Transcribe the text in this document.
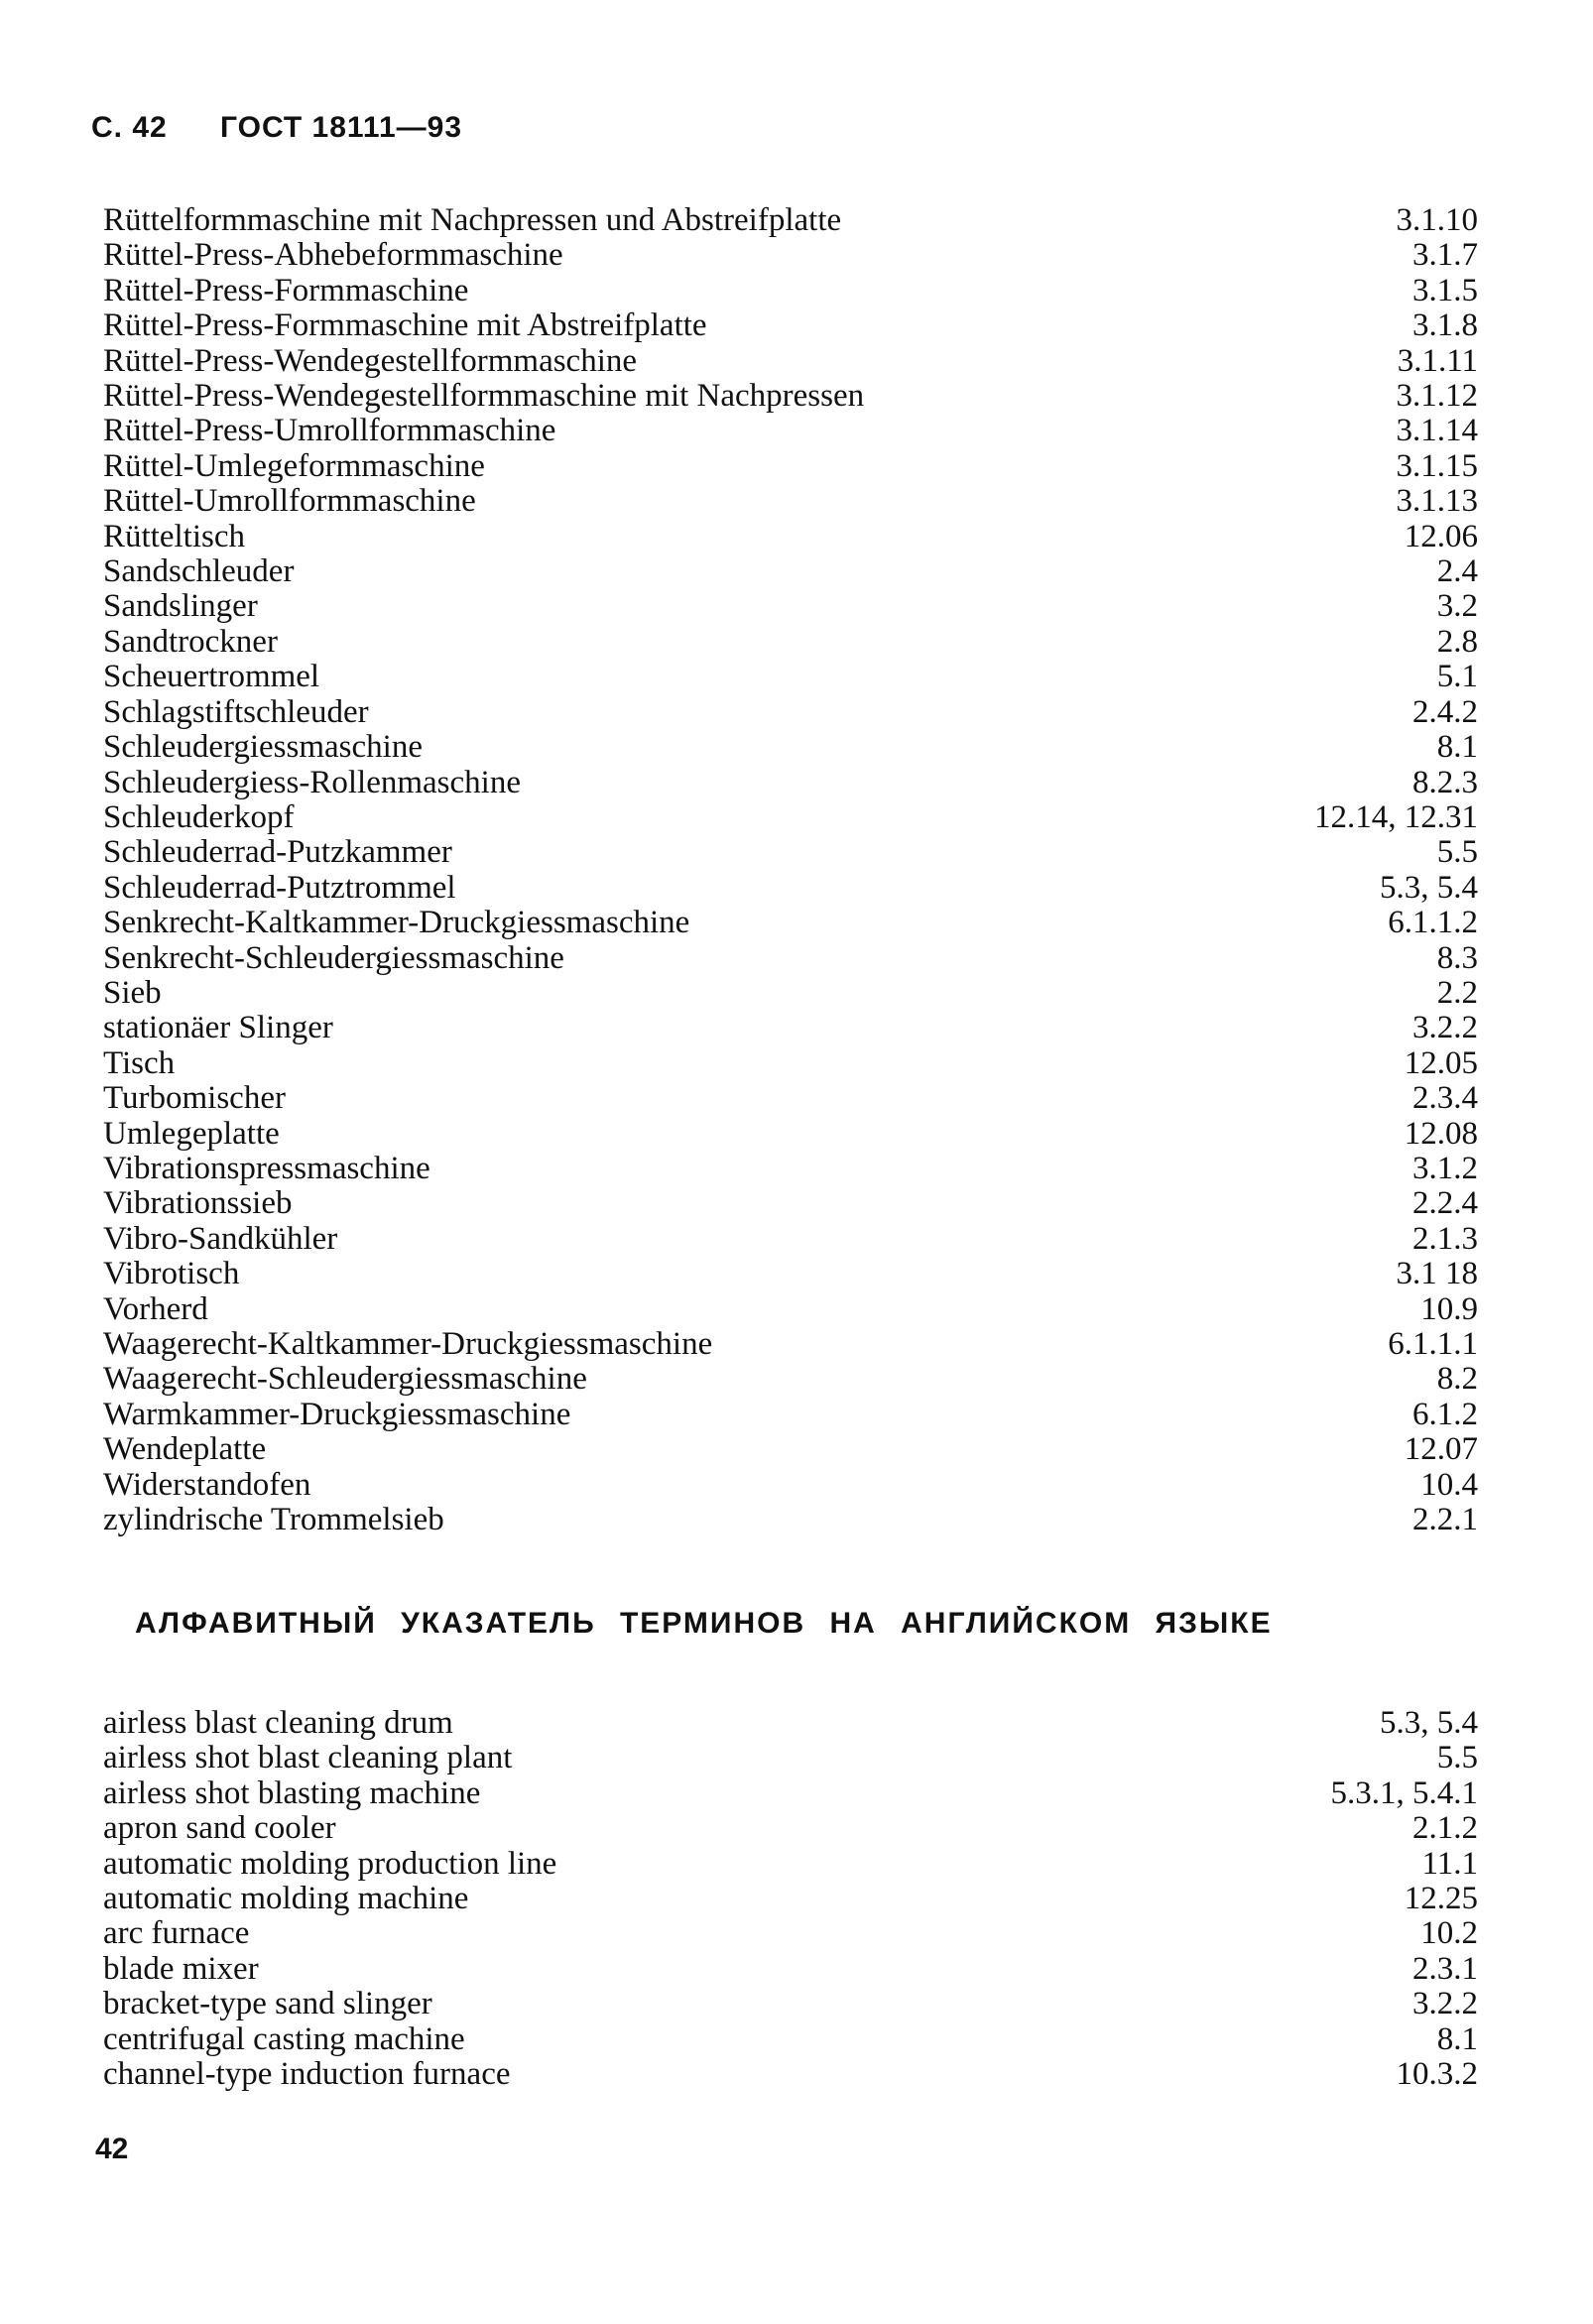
С. 42 ГОСТ 18111—93
Rüttelformmaschine mit Nachpressen und Abstreifplatte	3.1.10
Rüttel-Press-Abhebeformmaschine	3.1.7
Rüttel-Press-Formmaschine	3.1.5
Rüttel-Press-Formmaschine mit Abstreifplatte	3.1.8
Rüttel-Press-Wendegestellformmaschine	3.1.11
Rüttel-Press-Wendegestellformmaschine mit Nachpressen	3.1.12
Rüttel-Press-Umrollformmaschine	3.1.14
Rüttel-Umlegeformmaschine	3.1.15
Rüttel-Umrollformmaschine	3.1.13
Rütteltisch	12.06
Sandschleuder	2.4
Sandslinger	3.2
Sandtrockner	2.8
Scheuertrommel	5.1
Schlagstiftschleuder	2.4.2
Schleudergiessmaschine	8.1
Schleudergiess-Rollenmaschine	8.2.3
Schleuderkopf	12.14, 12.31
Schleuderrad-Putzkammer	5.5
Schleuderrad-Putztrommel	5.3, 5.4
Senkrecht-Kaltkammer-Druckgiessmaschine	6.1.1.2
Senkrecht-Schleudergiessmaschine	8.3
Sieb	2.2
stationäer Slinger	3.2.2
Tisch	12.05
Turbomischer	2.3.4
Umlegeplatte	12.08
Vibrationspressmaschine	3.1.2
Vibrationssieb	2.2.4
Vibro-Sandkühler	2.1.3
Vibrotisch	3.1 18
Vorherd	10.9
Waagerecht-Kaltkammer-Druckgiessmaschine	6.1.1.1
Waagerecht-Schleudergiessmaschine	8.2
Warmkammer-Druckgiessmaschine	6.1.2
Wendeplatte	12.07
Widerstandofen	10.4
zylindrische Trommelsieb	2.2.1
АЛФАВИТНЫЙ УКАЗАТЕЛЬ ТЕРМИНОВ НА АНГЛИЙСКОМ ЯЗЫКЕ
airless blast cleaning drum	5.3, 5.4
airless shot blast cleaning plant	5.5
airless shot blasting machine	5.3.1, 5.4.1
apron sand cooler	2.1.2
automatic molding production line	11.1
automatic molding machine	12.25
arc furnace	10.2
blade mixer	2.3.1
bracket-type sand slinger	3.2.2
centrifugal casting machine	8.1
channel-type induction furnace	10.3.2
42
